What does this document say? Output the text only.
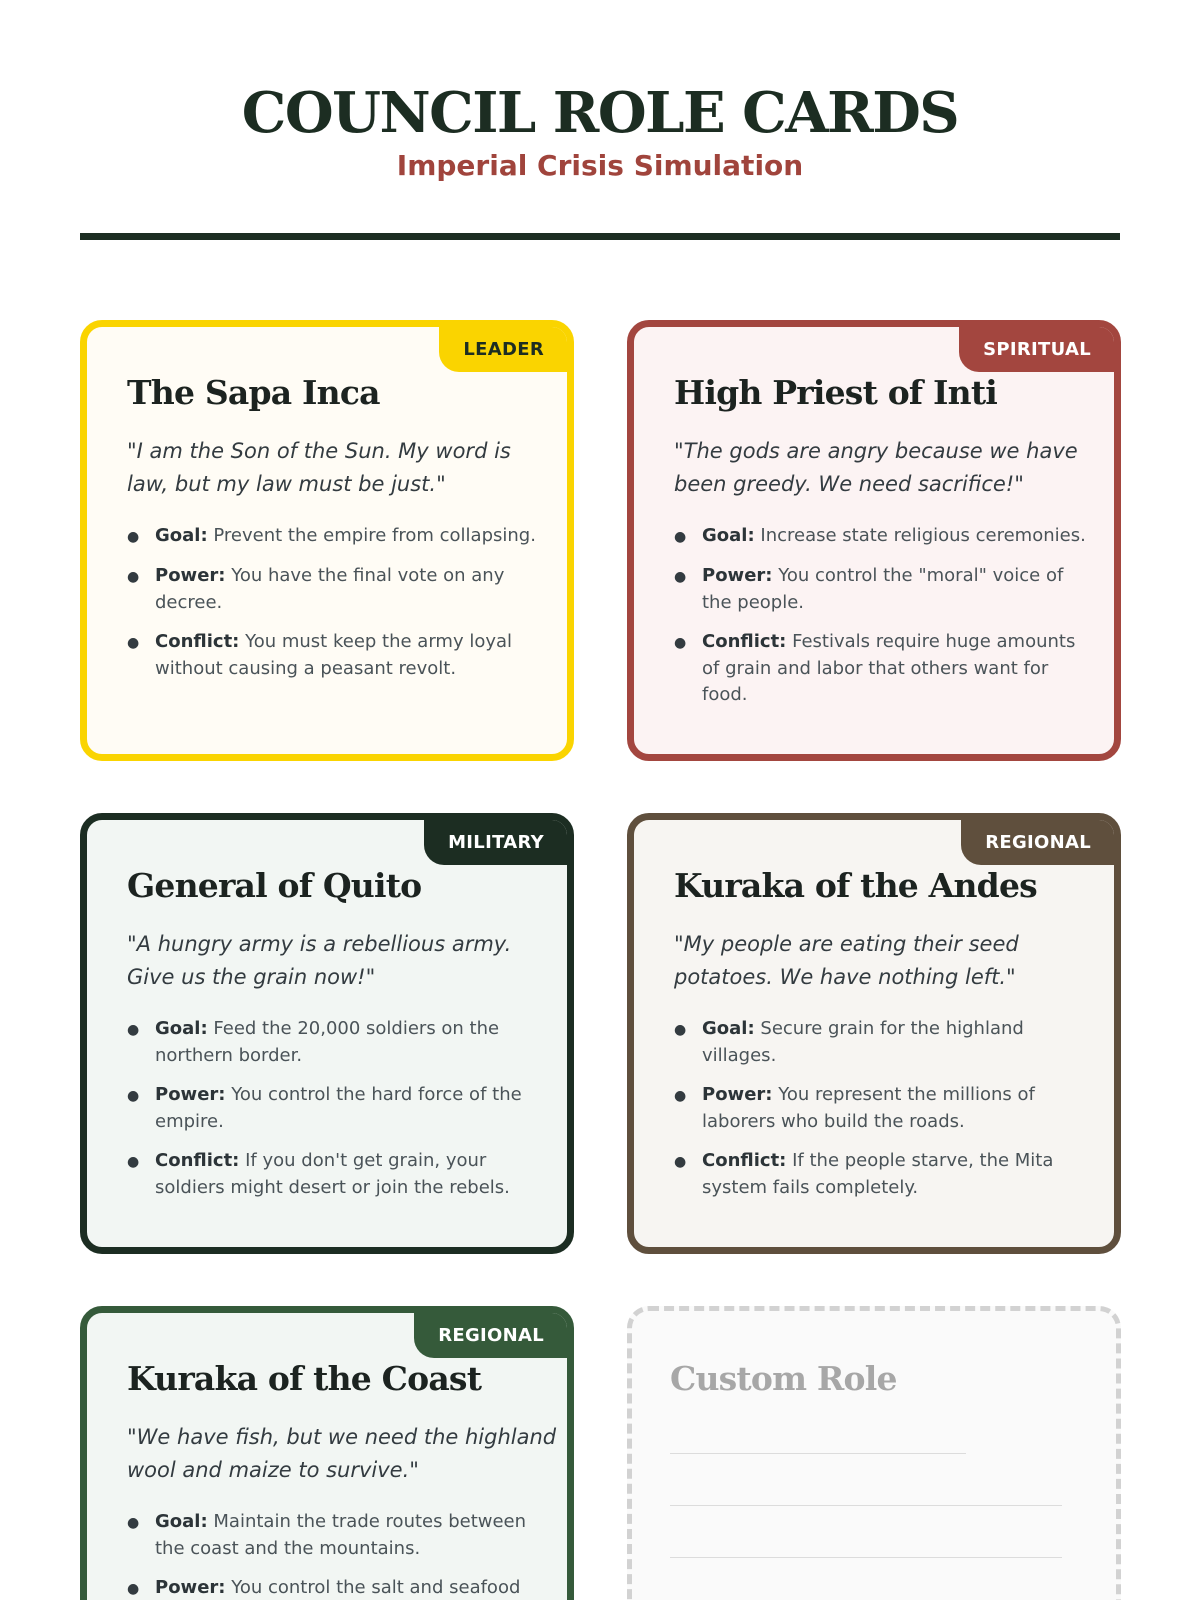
COUNCIL ROLE CARDS
Imperial Crisis Simulation
LEADER
The Sapa Inca
"I am the Son of the Sun. My word is law, but my law must be just."
● Goal: Prevent the empire from collapsing.
● Power: You have the final vote on any decree.
● Conflict: You must keep the army loyal without causing a peasant revolt.
SPIRITUAL
High Priest of Inti
"The gods are angry because we have been greedy. We need sacrifice!"
● Goal: Increase state religious ceremonies.
● Power: You control the "moral" voice of the people.
● Conflict: Festivals require huge amounts of grain and labor that others want for food.
MILITARY
General of Quito
"A hungry army is a rebellious army. Give us the grain now!"
● Goal: Feed the 20,000 soldiers on the northern border.
● Power: You control the hard force of the empire.
● Conflict: If you don't get grain, your soldiers might desert or join the rebels.
REGIONAL
Kuraka of the Andes
"My people are eating their seed potatoes. We have nothing left."
● Goal: Secure grain for the highland villages.
● Power: You represent the millions of laborers who build the roads.
● Conflict: If the people starve, the Mita system fails completely.
REGIONAL
Kuraka of the Coast
"We have fish, but we need the highland wool and maize to survive."
● Goal: Maintain the trade routes between the coast and the mountains.
● Power: You control the salt and seafood
Custom Role
